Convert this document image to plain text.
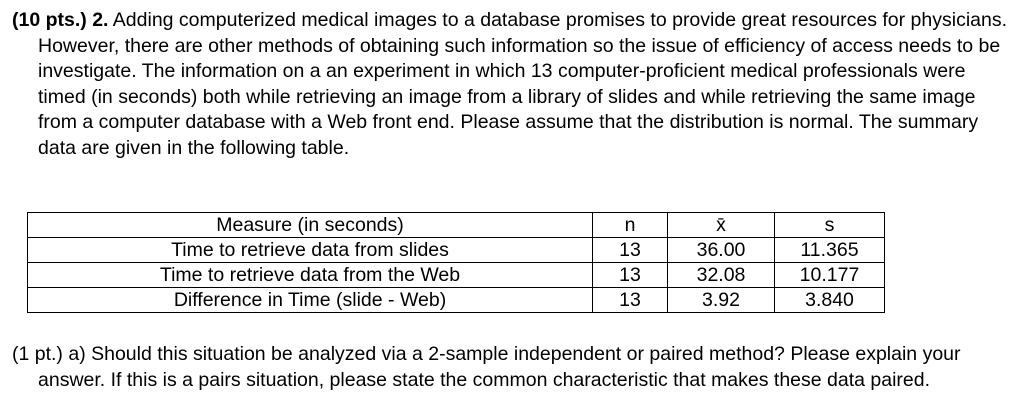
(10 pts.) 2. Adding computerized medical images to a database promises to provide great resources for physicians. However, there are other methods of obtaining such information so the issue of efficiency of access needs to be investigate. The information on a an experiment in which 13 computer-proficient medical professionals were timed (in seconds) both while retrieving an image from a library of slides and while retrieving the same image from a computer database with a Web front end. Please assume that the distribution is normal. The summary data are given in the following table.

Measure (in seconds)	n	x̄	s
Time to retrieve data from slides	13	36.00	11.365
Time to retrieve data from the Web	13	32.08	10.177
Difference in Time (slide - Web)	13	3.92	3.840

(1 pt.) a) Should this situation be analyzed via a 2-sample independent or paired method? Please explain your answer. If this is a pairs situation, please state the common characteristic that makes these data paired.
